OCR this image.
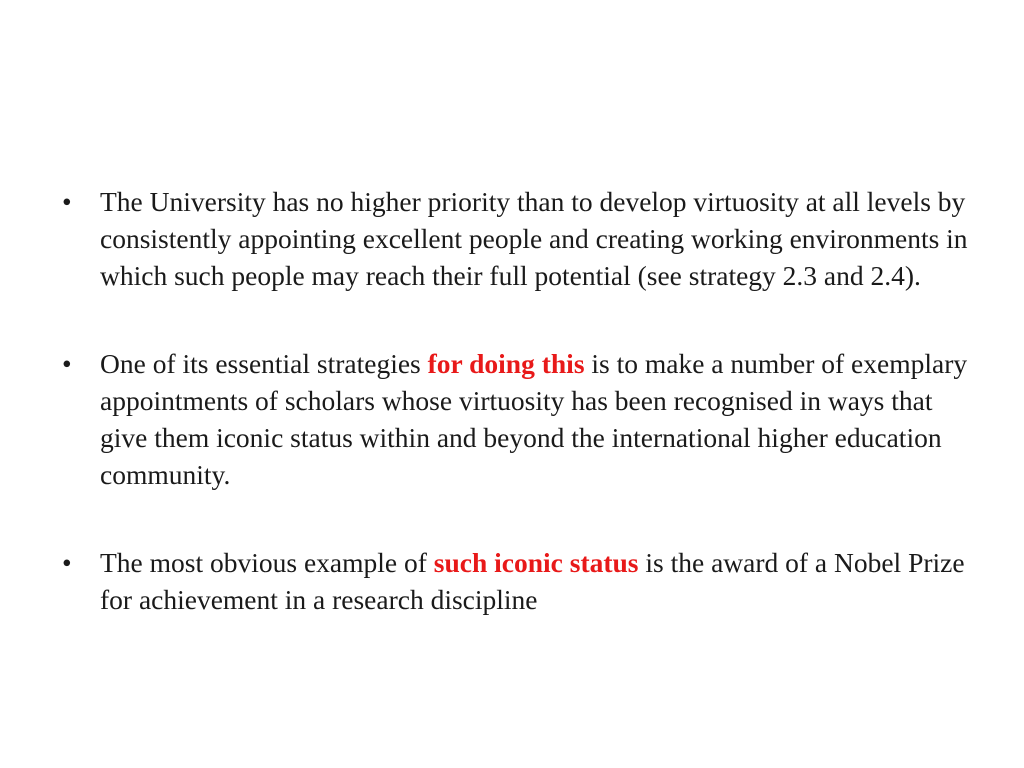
•	The University has no higher priority than to develop virtuosity at all levels by consistently appointing excellent people and creating working environments in which such people may reach their full potential (see strategy 2.3 and 2.4).
•	One of its essential strategies for doing this is to make a number of exemplary appointments of scholars whose virtuosity has been recognised in ways that give them iconic status within and beyond the international higher education community.
•	The most obvious example of such iconic status is the award of a Nobel Prize for achievement in a research discipline
